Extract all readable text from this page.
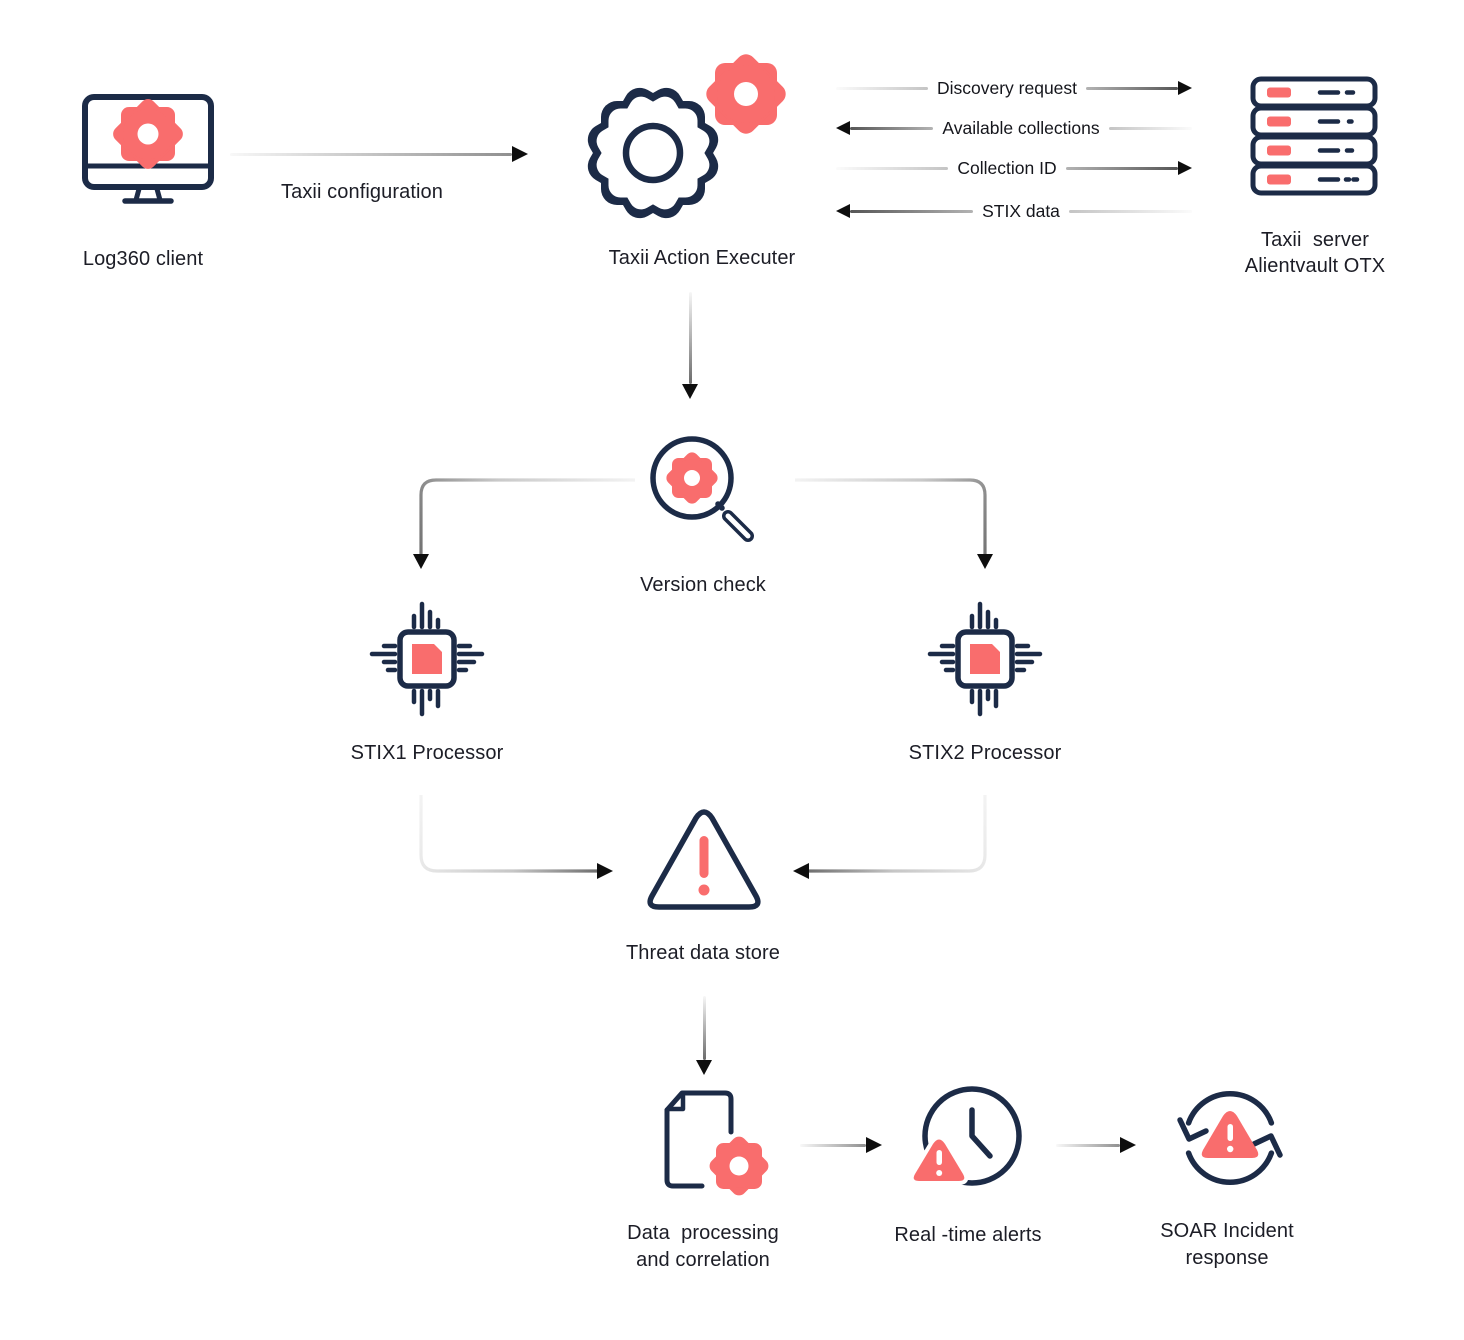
Log360 client
Taxii configuration
Taxii Action Executer
Discovery request
Available collections
Collection ID
STIX data
Taxii  server
Alientvault OTX
Version check
STIX1 Processor	STIX2 Processor
Threat data store
Data  processing
and correlation
Real -time alerts	SOAR Incident
response
